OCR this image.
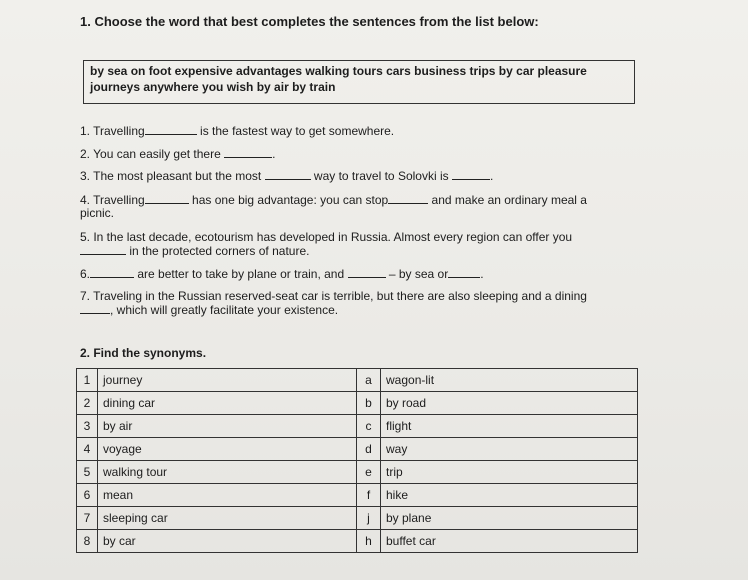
1. Choose the word that best completes the sentences from the list below:
by sea on foot expensive advantages walking tours cars business trips by car pleasure
journeys anywhere you wish by air by train
1. Travelling	is the fastest way to get somewhere.
2. You can easily get there	.
3. The most pleasant but the most	way to travel to Solovki is	.
4. Travelling	has one big advantage: you can stop	and make an ordinary meal a
picnic.
5. In the last decade, ecotourism has developed in Russia. Almost every region can offer you
in the protected corners of nature.
6.	are better to take by plane or train, and	– by sea or	.
7. Traveling in the Russian reserved-seat car is terrible, but there are also sleeping and a dining
, which will greatly facilitate your existence.
2. Find the synonyms.
1	journey	a	wagon-lit
2	dining car	b	by road
3	by air	c	flight
4	voyage	d	way
5	walking tour	e	trip
6	mean	f	hike
7	sleeping car	j	by plane
8	by car	h	buffet car
